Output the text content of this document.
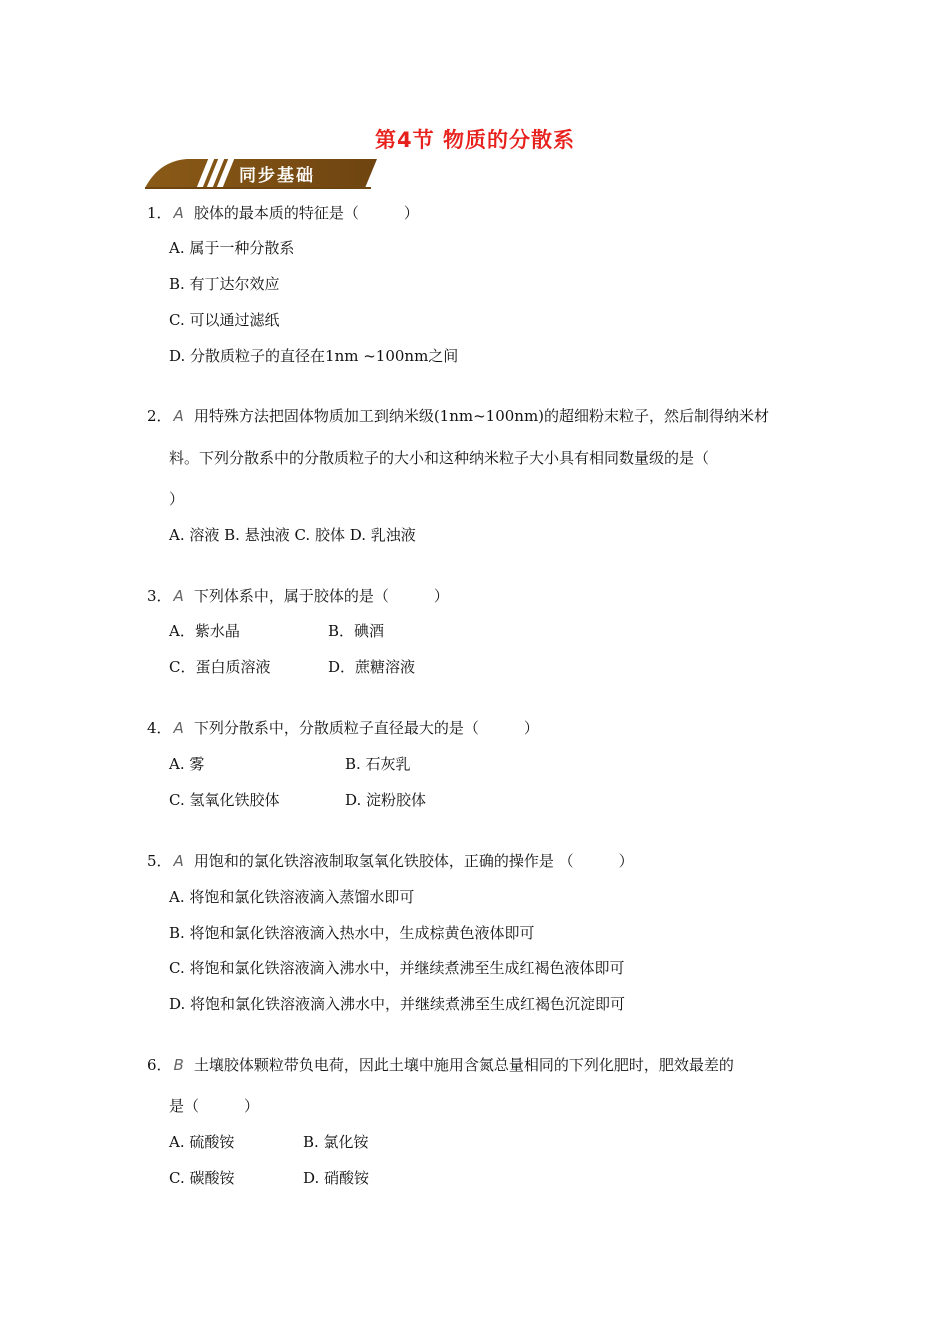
第4节 物质的分散系
同步基础
1． A 胶体的最本质的特征是（　　　）
A. 属于一种分散系
B. 有丁达尔效应
C. 可以通过滤纸
D. 分散质粒子的直径在1nm ~100nm之间
2． A 用特殊方法把固体物质加工到纳米级(1nm~100nm)的超细粉末粒子，然后制得纳米材
料。下列分散系中的分散质粒子的大小和这种纳米粒子大小具有相同数量级的是（
）
A. 溶液 B. 悬浊液 C. 胶体 D. 乳浊液
3． A 下列体系中，属于胶体的是（　　　）
A．紫水晶	B．碘酒
C．蛋白质溶液	D．蔗糖溶液
4． A 下列分散系中，分散质粒子直径最大的是（　　　）
A. 雾	B. 石灰乳
C. 氢氧化铁胶体	D. 淀粉胶体
5． A 用饱和的氯化铁溶液制取氢氧化铁胶体，正确的操作是 （　　　）
A. 将饱和氯化铁溶液滴入蒸馏水即可
B. 将饱和氯化铁溶液滴入热水中，生成棕黄色液体即可
C. 将饱和氯化铁溶液滴入沸水中，并继续煮沸至生成红褐色液体即可
D. 将饱和氯化铁溶液滴入沸水中，并继续煮沸至生成红褐色沉淀即可
6． B 土壤胶体颗粒带负电荷，因此土壤中施用含氮总量相同的下列化肥时，肥效最差的
是（　　　）
A. 硫酸铵	B. 氯化铵
C. 碳酸铵	D. 硝酸铵
